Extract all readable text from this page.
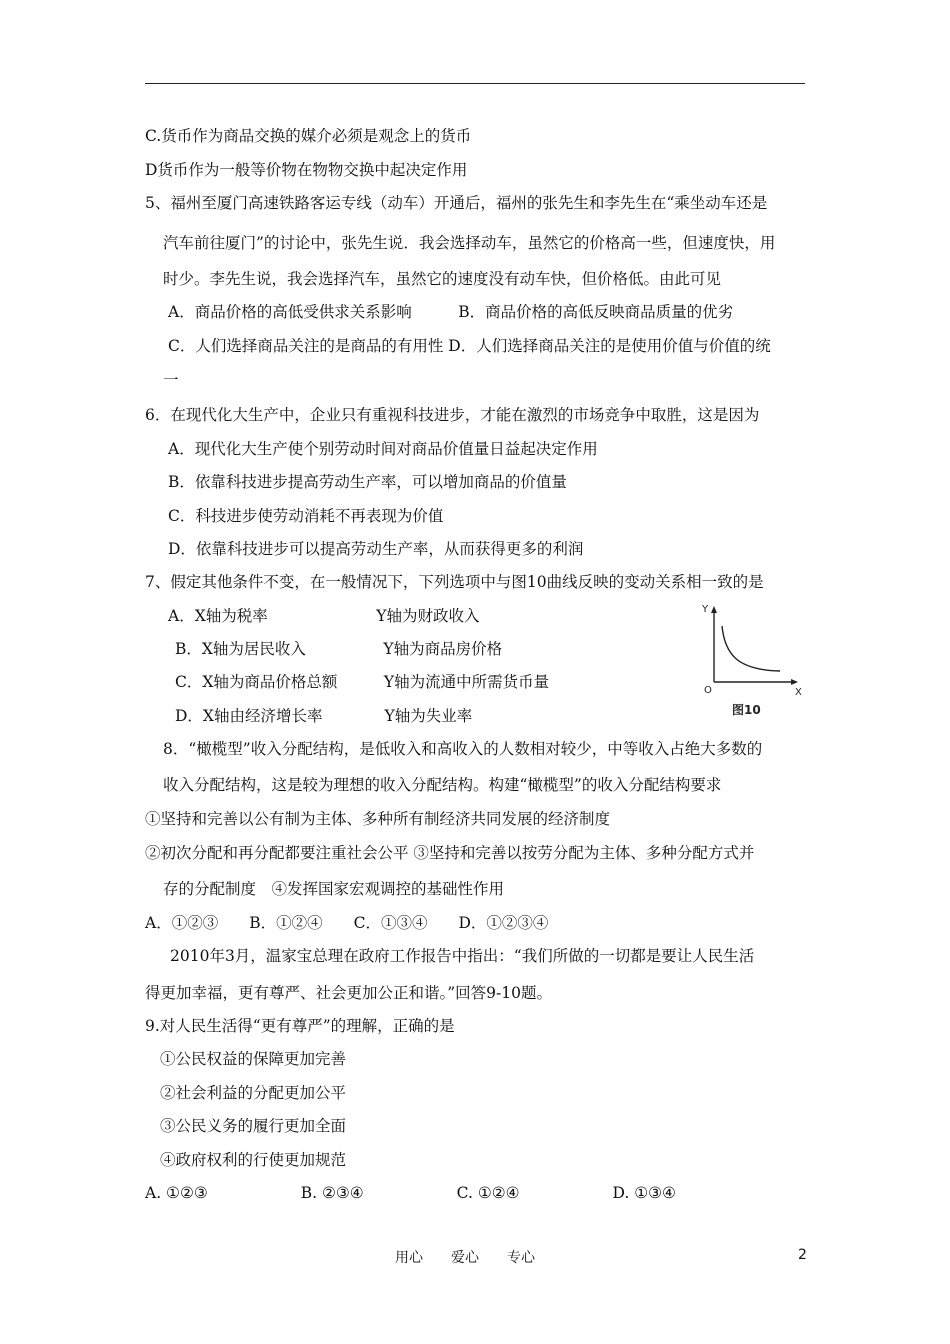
C.货币作为商品交换的媒介必须是观念上的货币
D货币作为一般等价物在物物交换中起决定作用
5、福州至厦门高速铁路客运专线（动车）开通后，福州的张先生和李先生在“乘坐动车还是
汽车前往厦门”的讨论中，张先生说．我会选择动车，虽然它的价格高一些，但速度快，用
时少。李先生说，我会选择汽车，虽然它的速度没有动车快，但价格低。由此可见
A．商品价格的高低受供求关系影响　　　B．商品价格的高低反映商品质量的优劣
C．人们选择商品关注的是商品的有用性 D．人们选择商品关注的是使用价值与价值的统
一
6．在现代化大生产中，企业只有重视科技进步，才能在激烈的市场竞争中取胜，这是因为
A．现代化大生产使个别劳动时间对商品价值量日益起决定作用
B．依靠科技进步提高劳动生产率，可以增加商品的价值量
C．科技进步使劳动消耗不再表现为价值
D．依靠科技进步可以提高劳动生产率，从而获得更多的利润
7、假定其他条件不变，在一般情况下，下列选项中与图10曲线反映的变动关系相一致的是
A．X轴为税率　　　　　　　Y轴为财政收入
B．X轴为居民收入　　　　　Y轴为商品房价格
C．X轴为商品价格总额　　　Y轴为流通中所需货币量
D．X轴由经济增长率　　　　Y轴为失业率
Y
O	X
图10
8．“橄榄型”收入分配结构，是低收入和高收入的人数相对较少，中等收入占绝大多数的
收入分配结构，这是较为理想的收入分配结构。构建“橄榄型”的收入分配结构要求
①坚持和完善以公有制为主体、多种所有制经济共同发展的经济制度
②初次分配和再分配都要注重社会公平 ③坚持和完善以按劳分配为主体、多种分配方式并
存的分配制度　④发挥国家宏观调控的基础性作用
A．①②③　　B．①②④　　C．①③④　　D．①②③④
2010年3月，温家宝总理在政府工作报告中指出：“我们所做的一切都是要让人民生活
得更加幸福，更有尊严、社会更加公正和谐。”回答9-10题。
9.对人民生活得“更有尊严”的理解，正确的是
①公民权益的保障更加完善
②社会利益的分配更加公平
③公民义务的履行更加全面
④政府权利的行使更加规范
A. ①②③　　　　　　B. ②③④　　　　　　C. ①②④　　　　　　D. ①③④
用心　　爱心　　专心	2
